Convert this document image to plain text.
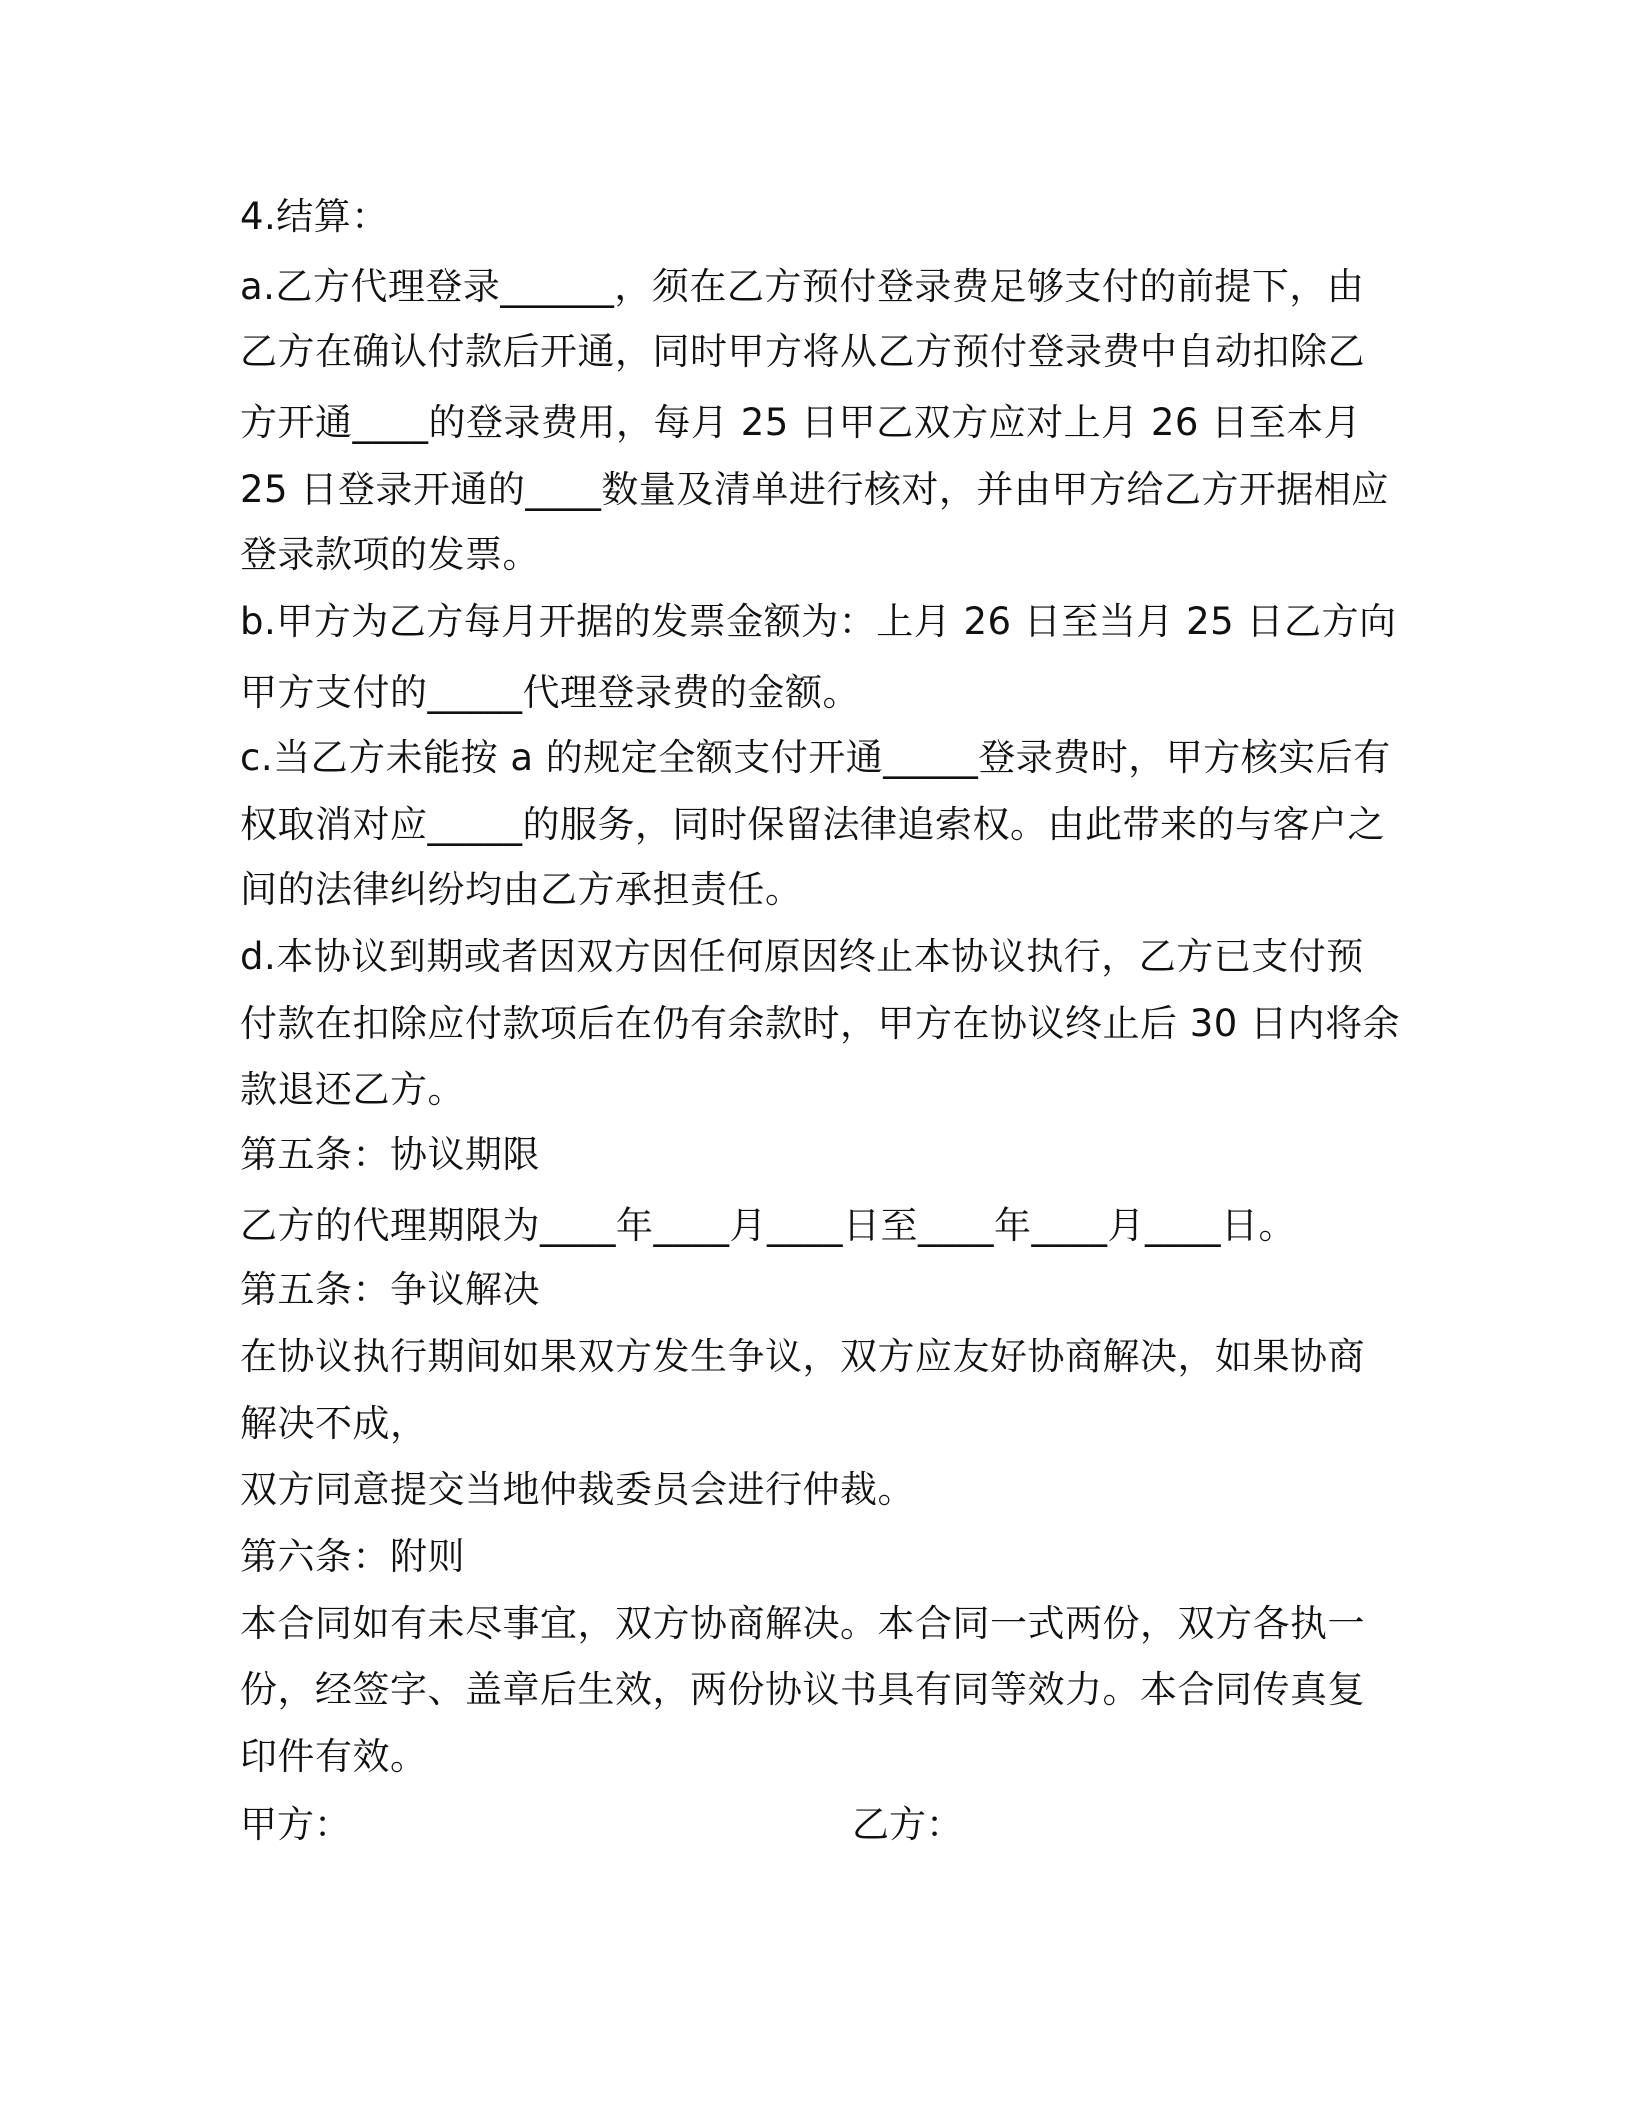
4.结算：
a.乙方代理登录______，须在乙方预付登录费足够支付的前提下，由
乙方在确认付款后开通，同时甲方将从乙方预付登录费中自动扣除乙
方开通____的登录费用，每月 25 日甲乙双方应对上月 26 日至本月
25 日登录开通的____数量及清单进行核对，并由甲方给乙方开据相应
登录款项的发票。
b.甲方为乙方每月开据的发票金额为：上月 26 日至当月 25 日乙方向
甲方支付的_____代理登录费的金额。
c.当乙方未能按 a 的规定全额支付开通_____登录费时，甲方核实后有
权取消对应_____的服务，同时保留法律追索权。由此带来的与客户之
间的法律纠纷均由乙方承担责任。
d.本协议到期或者因双方因任何原因终止本协议执行，乙方已支付预
付款在扣除应付款项后在仍有余款时，甲方在协议终止后 30 日内将余
款退还乙方。
第五条：协议期限
乙方的代理期限为____年____月____日至____年____月____日。
第五条：争议解决
在协议执行期间如果双方发生争议，双方应友好协商解决，如果协商
解决不成，
双方同意提交当地仲裁委员会进行仲裁。
第六条：附则
本合同如有未尽事宜，双方协商解决。本合同一式两份，双方各执一
份，经签字、盖章后生效，两份协议书具有同等效力。本合同传真复
印件有效。
甲方：	乙方：
